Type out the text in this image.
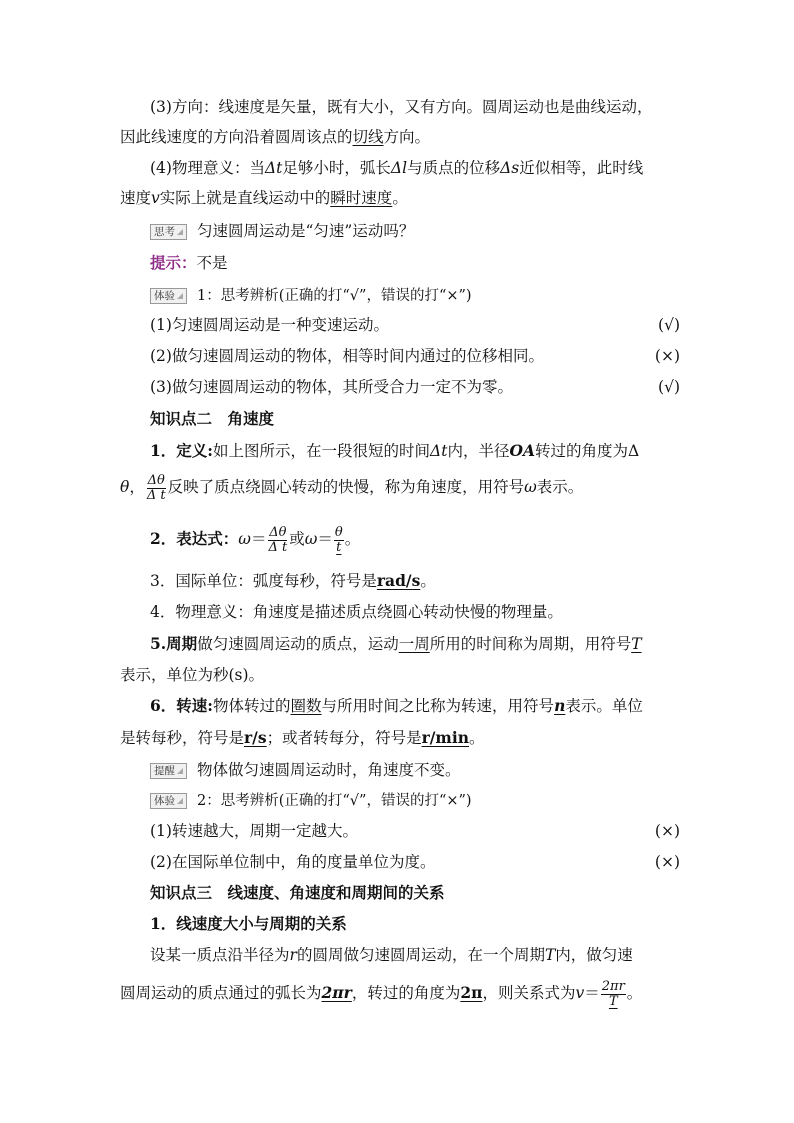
(3)方向：线速度是矢量，既有大小，又有方向。圆周运动也是曲线运动，
因此线速度的方向沿着圆周该点的切线方向。
(4)物理意义：当Δt足够小时，弧长Δl与质点的位移Δs近似相等，此时线
速度v实际上就是直线运动中的瞬时速度。
思考 匀速圆周运动是“匀速”运动吗？
提示：不是
体验 1：思考辨析(正确的打“√”，错误的打“×”)
(1)匀速圆周运动是一种变速运动。	(√)
(2)做匀速圆周运动的物体，相等时间内通过的位移相同。	(×)
(3)做匀速圆周运动的物体，其所受合力一定不为零。	(√)
知识点二　角速度
1．定义:如上图所示，在一段很短的时间Δt内，半径OA转过的角度为Δ
θ， $\frac{\Delta\theta}{\text{Δ t}}$ 反映了质点绕圆心转动的快慢，称为角速度，用符号ω表示。
2．表达式：$\omega= \frac{\Delta\theta}{\text{Δ t}}$ 或$\omega= \frac{\theta}{t}$ 。
3．国际单位：弧度每秒，符号是rad/s。
4．物理意义：角速度是描述质点绕圆心转动快慢的物理量。
5.周期做匀速圆周运动的质点，运动一周所用的时间称为周期，用符号T
表示，单位为秒(s)。
6．转速:物体转过的圈数与所用时间之比称为转速，用符号n表示。单位
是转每秒，符号是r/s；或者转每分，符号是r/min。
提醒 物体做匀速圆周运动时，角速度不变。
体验 2：思考辨析(正确的打“√”，错误的打“×”)
(1)转速越大，周期一定越大。	(×)
(2)在国际单位制中，角的度量单位为度。	(×)
知识点三　线速度、角速度和周期间的关系
1．线速度大小与周期的关系
设某一质点沿半径为r的圆周做匀速圆周运动，在一个周期T内，做匀速
圆周运动的质点通过的弧长为2πr，转过的角度为2π，则关系式为$v= \frac{2\pi r}{T}$ 。
